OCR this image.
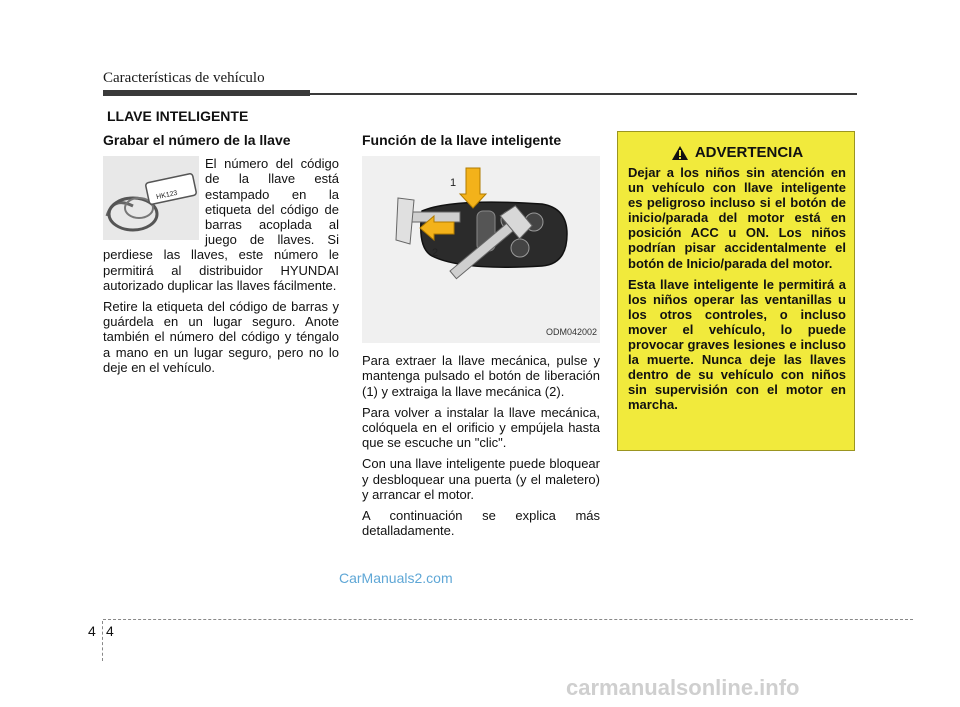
Características de vehículo
LLAVE INTELIGENTE
Grabar el número de la llave
HK123

El número del código de la llave está estampado en la etiqueta del código de barras acoplada al juego de llaves. Si perdiese las llaves, este número le permitirá al distribuidor HYUNDAI autorizado duplicar las llaves fácilmente.

Retire la etiqueta del código de barras y guárdela en un lugar seguro. Anote también el número del código y téngalo a mano en un lugar seguro, pero no lo deje en el vehículo.

Función de la llave inteligente
1
2
ODM042002

Para extraer la llave mecánica, pulse y mantenga pulsado el botón de liberación (1) y extraiga la llave mecánica (2).

Para volver a instalar la llave mecánica, colóquela en el orificio y empújela hasta que se escuche un "clic".

Con una llave inteligente puede bloquear y desbloquear una puerta (y el maletero) y arrancar el motor.

A continuación se explica más detalladamente.

ADVERTENCIA

Dejar a los niños sin atención en un vehículo con llave inteligente es peligroso incluso si el botón de inicio/parada del motor está en posición ACC u ON. Los niños podrían pisar accidentalmente el botón de Inicio/parada del motor.

Esta llave inteligente le permitirá a los niños operar las ventanillas u los otros controles, o incluso mover el vehículo, lo puede provocar graves lesiones e incluso la muerte. Nunca deje las llaves dentro de su vehículo con niños sin supervisión con el motor en marcha.

CarManuals2.com
4 4
carmanualsonline.info
